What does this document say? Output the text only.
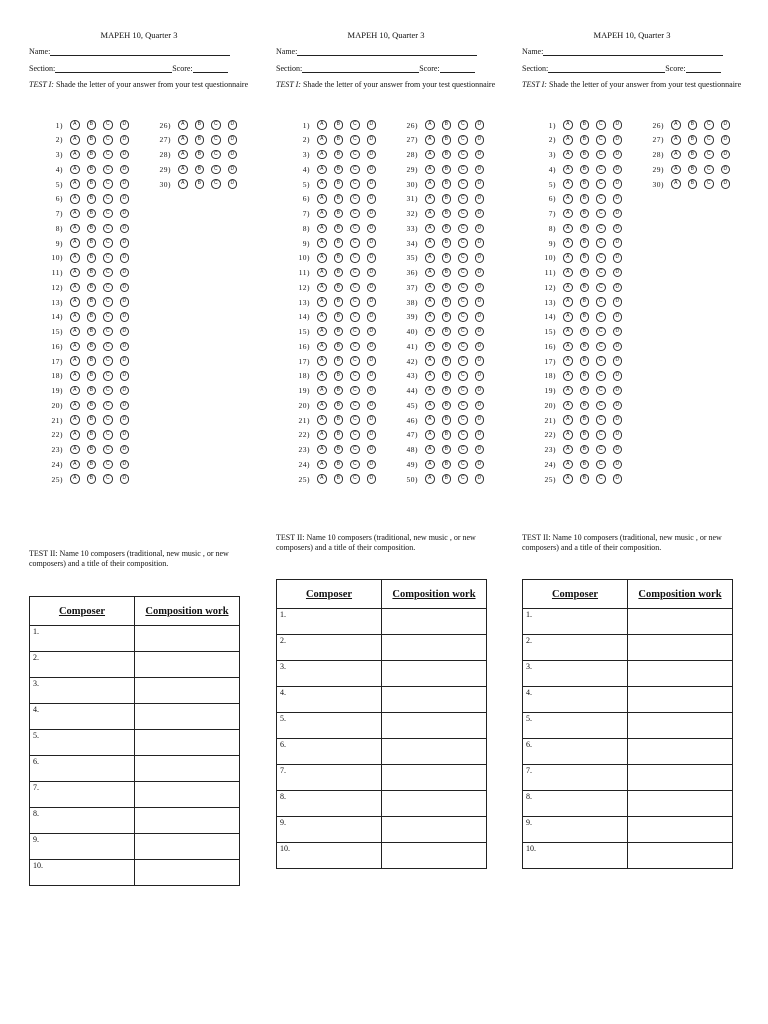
MAPEH 10, Quarter 3
Name:
Section:	Score:
TEST I: Shade the letter of your answer from your test questionnaire
1)	A	B	C	D
2)	A	B	C	D
3)	A	B	C	D
4)	A	B	C	D
5)	A	B	C	D
6)	A	B	C	D
7)	A	B	C	D
8)	A	B	C	D
9)	A	B	C	D
10)	A	B	C	D
11)	A	B	C	D
12)	A	B	C	D
13)	A	B	C	D
14)	A	B	C	D
15)	A	B	C	D
16)	A	B	C	D
17)	A	B	C	D
18)	A	B	C	D
19)	A	B	C	D
20)	A	B	C	D
21)	A	B	C	D
22)	A	B	C	D
23)	A	B	C	D
24)	A	B	C	D
25)	A	B	C	D
26)	A	B	C	D
27)	A	B	C	D
28)	A	B	C	D
29)	A	B	C	D
30)	A	B	C	D
TEST II: Name 10 composers (traditional, new music , or new composers) and a title of their composition.
Composer	Composition work
1.	
2.	
3.	
4.	
5.	
6.	
7.	
8.	
9.	
10.	
MAPEH 10, Quarter 3
Name:
Section:	Score:
TEST I: Shade the letter of your answer from your test questionnaire
1)	A	B	C	D
2)	A	B	C	D
3)	A	B	C	D
4)	A	B	C	D
5)	A	B	C	D
6)	A	B	C	D
7)	A	B	C	D
8)	A	B	C	D
9)	A	B	C	D
10)	A	B	C	D
11)	A	B	C	D
12)	A	B	C	D
13)	A	B	C	D
14)	A	B	C	D
15)	A	B	C	D
16)	A	B	C	D
17)	A	B	C	D
18)	A	B	C	D
19)	A	B	C	D
20)	A	B	C	D
21)	A	B	C	D
22)	A	B	C	D
23)	A	B	C	D
24)	A	B	C	D
25)	A	B	C	D
26)	A	B	C	D
27)	A	B	C	D
28)	A	B	C	D
29)	A	B	C	D
30)	A	B	C	D
31)	A	B	C	D
32)	A	B	C	D
33)	A	B	C	D
34)	A	B	C	D
35)	A	B	C	D
36)	A	B	C	D
37)	A	B	C	D
38)	A	B	C	D
39)	A	B	C	D
40)	A	B	C	D
41)	A	B	C	D
42)	A	B	C	D
43)	A	B	C	D
44)	A	B	C	D
45)	A	B	C	D
46)	A	B	C	D
47)	A	B	C	D
48)	A	B	C	D
49)	A	B	C	D
50)	A	B	C	D
TEST II: Name 10 composers (traditional, new music , or new composers) and a title of their composition.
Composer	Composition work
1.	
2.	
3.	
4.	
5.	
6.	
7.	
8.	
9.	
10.	
MAPEH 10, Quarter 3
Name:
Section:	Score:
TEST I: Shade the letter of your answer from your test questionnaire
1)	A	B	C	D
2)	A	B	C	D
3)	A	B	C	D
4)	A	B	C	D
5)	A	B	C	D
6)	A	B	C	D
7)	A	B	C	D
8)	A	B	C	D
9)	A	B	C	D
10)	A	B	C	D
11)	A	B	C	D
12)	A	B	C	D
13)	A	B	C	D
14)	A	B	C	D
15)	A	B	C	D
16)	A	B	C	D
17)	A	B	C	D
18)	A	B	C	D
19)	A	B	C	D
20)	A	B	C	D
21)	A	B	C	D
22)	A	B	C	D
23)	A	B	C	D
24)	A	B	C	D
25)	A	B	C	D
26)	A	B	C	D
27)	A	B	C	D
28)	A	B	C	D
29)	A	B	C	D
30)	A	B	C	D
TEST II: Name 10 composers (traditional, new music , or new composers) and a title of their composition.
Composer	Composition work
1.	
2.	
3.	
4.	
5.	
6.	
7.	
8.	
9.	
10.	
